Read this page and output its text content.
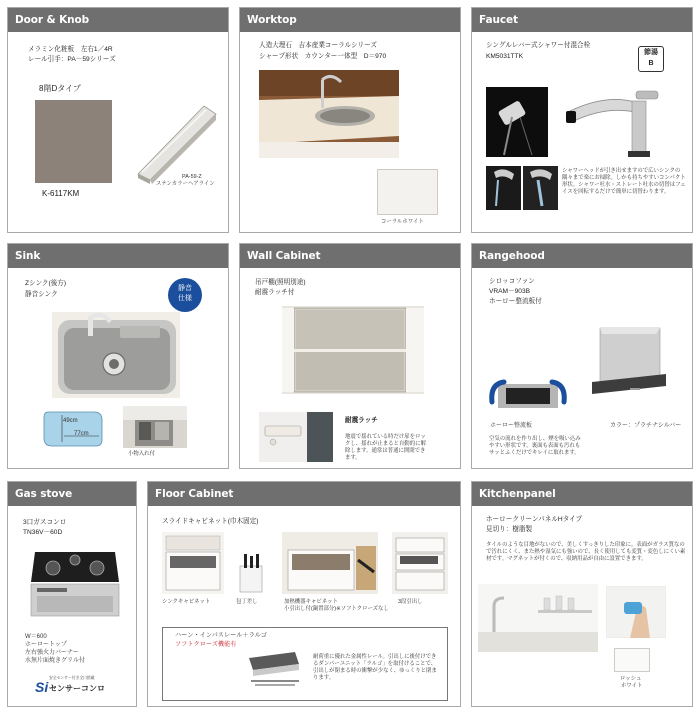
Door & Knob
メラミン化粧板　左右1／4R
レール引手：PA－59シリーズ
8階Dタイプ
K-6117KM
PA-59-Z
ステンカラーヘアライン
Worktop
人造大理石　吉本産業コーラルシリーズ
シャープ形状　カウンター一体型　D＝970
コーラルホワイト
Faucet
シングルレバー式シャワー付混合栓
KM5031TTK
節湯
B
シャワーヘッドが引き出せますので広いシンクの隅々まで楽にお掃除。しかも持ちやすいコンパクト形状。シャワー吐水・ストレート吐水の切替はフェイスを回転するだけで簡単に切替わります。
Sink
Zシンク(後方)
静音シンク
静音
仕様
49cm
77cm
小物入れ付
Wall Cabinet
吊戸棚(照明別途)
耐震ラッチ付
耐震ラッチ
地震で揺れている時だけ扉をロックし、揺れが止まると自動的に解除します。通常は普通に開閉できます。
Rangehood
シロッコファン
VRAM－903B
ホーロー整流板付
ホーロー整流板	カラー：プラチナシルバー
空気の流れを作り出し、煙を吸い込みやすい形状です。裏面も表面も汚れもサッとふくだけでキレイに取れます。
Gas stove
3口ガスコンロ
TN36V－60D
W＝600
ホーロートップ
左右強火力バーナー
水無片面焼きグリル付
Si
安全センサー付き全口搭載
センサーコンロ
Floor Cabinet
スライドキャビネット(巾木固定)
シンクキャビネット	包丁差し	加熱機器キャビネット
小引出し付(鍋置部分)※ソフトクローズなし
3段引出し
ハーン・インパスレール＋ラルゴ
ソフトクローズ機能有
耐荷重に優れた金属性レール。引出しに後付けできるダンパーユニット「ラルゴ」を取付けることで、引出しが閉まる時の衝撃が少なく、ゆっくりと閉まります。
Kitchenpanel
ホーロークリーンパネルHタイプ
見切り：樹脂製
タイルのような目地がないので、美しくすっきりした印象に。表面がガラス質なので汚れにくく、また熱や湿気にも強いので、長く使用しても変質・変色しにくい素材です。マグネットが付くので、収納用品が自由に設置できます。
ロッシュ
ホワイト
